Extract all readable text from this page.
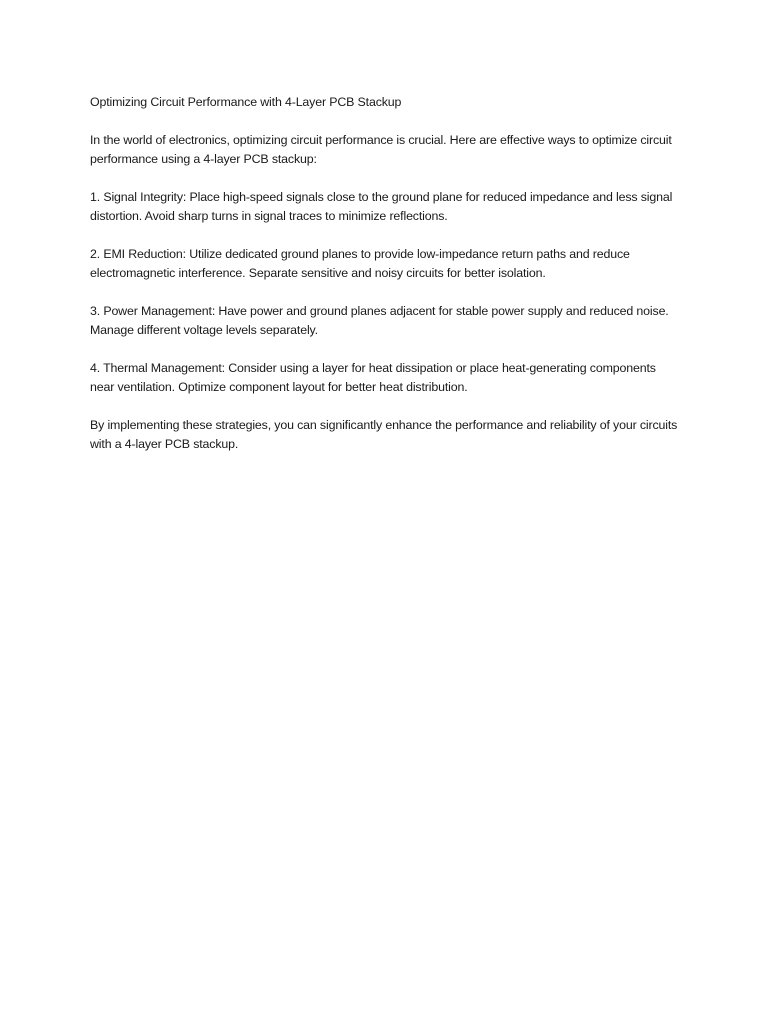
Optimizing Circuit Performance with 4-Layer PCB Stackup

In the world of electronics, optimizing circuit performance is crucial. Here are effective ways to optimize circuit performance using a 4-layer PCB stackup:

1. Signal Integrity: Place high-speed signals close to the ground plane for reduced impedance and less signal distortion. Avoid sharp turns in signal traces to minimize reflections.

2. EMI Reduction: Utilize dedicated ground planes to provide low-impedance return paths and reduce electromagnetic interference. Separate sensitive and noisy circuits for better isolation.

3. Power Management: Have power and ground planes adjacent for stable power supply and reduced noise. Manage different voltage levels separately.

4. Thermal Management: Consider using a layer for heat dissipation or place heat-generating components near ventilation. Optimize component layout for better heat distribution.

By implementing these strategies, you can significantly enhance the performance and reliability of your circuits with a 4-layer PCB stackup.
